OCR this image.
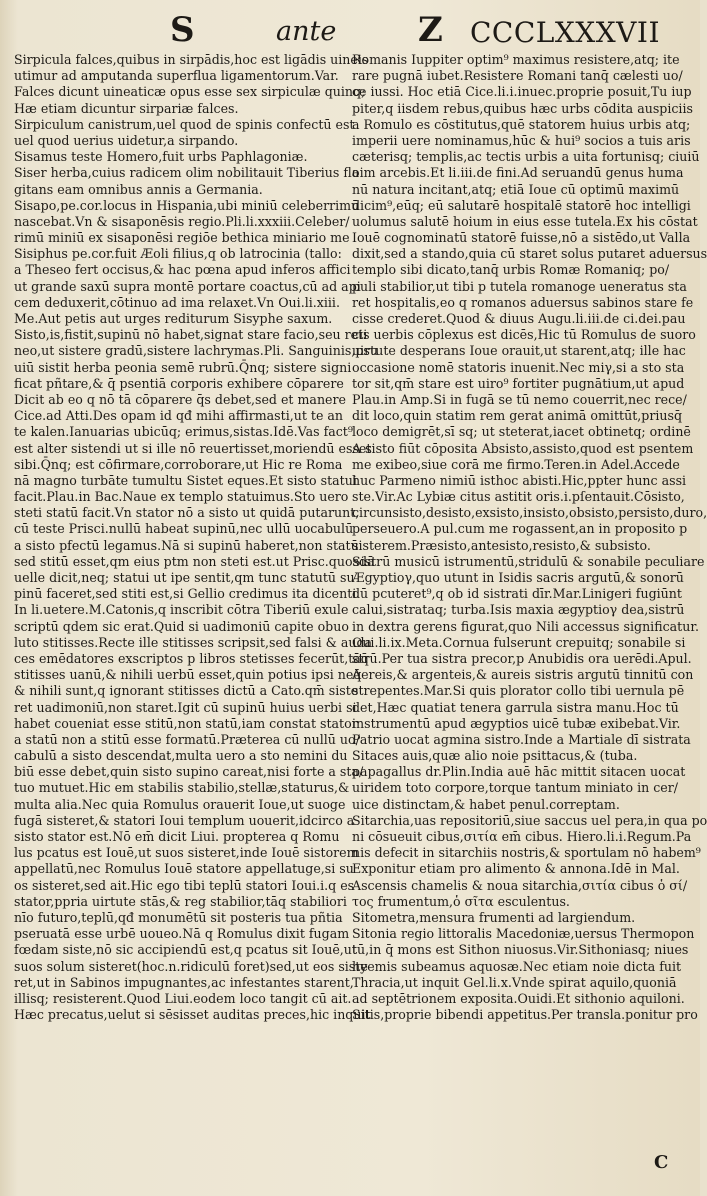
S	ante Z CCCLXXXVII
Sirpicula falces,quibus in sirpādis,hoc est ligādis uineis
utimur ad amputanda superflua ligamentorum.Var.
Falces dicunt uineaticæ opus esse sex sirpiculæ quinq;
Hæ etiam dicuntur sirpariæ falces.
Sirpiculum canistrum,uel quod de spinis confectū est
uel quod uerius uidetur,a sirpando.
Sisamus teste Homero,fuit urbs Paphlagoniæ.
Siser herba,cuius radicem olim nobilitauit Tiberius fla
gitans eam omnibus annis a Germania.
Sisapo,pe.cor.locus in Hispania,ubi miniū celeberrimū
nascebat.Vn & sisaponēsis regio.Pli.li.xxxiii.Celeber/
rimū miniū ex sisaponēsi regiōe bethica miniario me
Sisiphus pe.cor.fuit Æoli filius,q ob latrocinia (tallo:
a Theseo fert occisus,& hac pœna apud inferos affici
ut grande saxū supra montē portare coactus,cū ad api
cem deduxerit,cōtinuo ad ima relaxet.Vn Oui.li.xiii.
Me.Aut petis aut urges rediturum Sisyphe saxum.
Sisto,is,fistit,supinū nō habet,signat stare facio,seu reti
neo,ut sistere gradū,sistere lachrymas.Pli. Sanguinis,psu
uiū sistit herba peonia semē rubrū.Q̄nq; sistere signi
ficat pñtare,& q̄̄ psentiā corporis exhibere cōparere
Dicit ab eo q nō tā cōparere q̄s debet,sed et manere
Cice.ad Atti.Des opam id qđ mihi affirmasti,ut te an
te kalen.Ianuarias ubicūq; erimus,sistas.Idē.Vas fact⁹
est alter sistendi ut si ille nō reuertisset,moriendū esset
sibi.Q̄nq; est cōfirmare,corroborare,ut Hic re Roma
nā magno turbāte tumultu Sistet eques.Et sisto statui
facit.Plau.in Bac.Naue ex templo statuimus.Sto uero
steti statū facit.Vn stator nō a sisto ut quidā putarunt,
cū teste Prisci.nullū habeat supinū,nec ullū uocabulū
a sisto pfectū legamus.Nā si supinū haberet,non statū
sed stitū esset,qm eius ptm non steti est.ut Prisc.quosdā
uelle dicit,neq; statui ut ipe sentit,qm tunc statutū su
pinū faceret,sed stiti est,si Gellio credimus ita dicenti
In li.uetere.M.Catonis,q inscribit cōtra Tiberiū exule
scriptū qdem sic erat.Quid si uadimoniū capite obuo
luto stitisses.Recte ille stitisses scripsit,sed falsi & auda
ces emēdatores exscriptos p libros stetisses fecerūt,tāq̄
stitisses uanū,& nihili uerbū esset,quin potius ipsi neq̄
& nihili sunt,q ignorant stitisses dictū a Cato.qm̄ siste
ret uadimoniū,non staret.Igit cū supinū huius uerbi si
habet coueniat esse stitū,non statū,iam constat stator
a statū non a stitū esse formatū.Præterea cū nullū uo/
cabulū a sisto descendat,multa uero a sto nemini du
biū esse debet,quin sisto supino careat,nisi forte a sta/
tuo mutuet.Hic em stabilis stabilio,stellæ,staturus,&
multa alia.Nec quia Romulus orauerit Ioue,ut suoge
fugā sisteret,& statori Ioui templum uouerit,idcirco a
sisto stator est.Nō em̄ dicit Liui. propterea q Romu
lus pcatus est Iouē,ut suos sisteret,inde Iouē sistorem
appellatū,nec Romulus Iouē statore appellatuge,si su
os sisteret,sed ait.Hic ego tibi teplū statori Ioui.i.q es
stator,ppria uirtute stās,& reg stabilior,tāq stabiliori
nīo futuro,teplū,qđ monumētū sit posteris tua pñtia
pseruatā esse urbē uoueo.Nā q Romulus dixit fugam
fœdam siste,nō sic accipiendū est,q pcatus sit Iouē,ut
suos solum sisteret(hoc.n.ridiculū foret)sed,ut eos siste
ret,ut in Sabinos impugnantes,ac infestantes starent,
illisq; resisterent.Quod Liui.eodem loco tangit cū ait.
Hæc precatus,uelut si sēsisset auditas preces,hic inquit
Romanis Iuppiter optim⁹ maximus resistere,atq; ite
rare pugnā iubet.Resistere Romani tanq̄ cælesti uo/
ce iussi. Hoc etiā Cice.li.i.inuec.proprie posuit,Tu iup
piter,q iisdem rebus,quibus hæc urbs cōdita auspiciis
a Romulo es cōstitutus,quē statorem huius urbis atq;
imperii uere nominamus,hūc & hui⁹ socios a tuis aris
cæterisq; templis,ac tectis urbis a uita fortunisq; ciuiū
oim arcebis.Et li.iii.de fini.Ad seruandū genus huma
nū natura incitant,atq; etiā Ioue cū optimū maximū
dicim⁹,eūq; eū salutarē hospitalē statorē hoc intelligi
uolumus salutē hoium in eius esse tutela.Ex his cōstat
Iouē cognominatū statorē fuisse,nō a sistēdo,ut Valla
dixit,sed a stando,quia cū staret solus putaret aduersus
templo sibi dicato,tanq̄ urbis Romæ Romaniq; po/
puli stabilior,ut tibi p tutela romanoge ueneratus sta
ret hospitalis,eo q romanos aduersus sabinos stare fe
cisse crederet.Quod & diuus Augu.li.iii.de ci.dei.pau
cis uerbis cōplexus est dicēs,Hic tū Romulus de suoro
uirtute desperans Ioue orauit,ut starent,atq; ille hac
occasione nomē statoris inuenit.Nec miγ,si a sto sta
tor sit,qm̄ stare est uiro⁹ fortiter pugnātium,ut apud
Plau.in Amp.Si in fugā se tū nemo couerrit,nec rece/
dit loco,quin statim rem gerat animā omittūt,priusq̄
loco demigrēt,sī sq; ut steterat,iacet obtinetq; ordinē
A sisto fiūt cōposita Absisto,assisto,quod est psentem
me exibeo,siue corā me firmo.Teren.in Adel.Accede
huc Parmeno nimiū isthoc abisti.Hic,ppter hunc assi
ste.Vir.Ac Lybiæ citus astitit oris.i.pſentauit.Cōsisto,
circunsisto,desisto,exsisto,insisto,obsisto,persisto,duro,
perseuero.A pul.cum me rogassent,an in proposito p
sisterem.Præsisto,antesisto,resisto,& subsisto.
Sistrū musicū istrumentū,stridulū & sonabile peculiare
Ægyptioγ,quo utunt in Isidis sacris argutū,& sonorū
dū pcuteret⁹,q ob id sistrati dīr.Mar.Linigeri fugiūnt
calui,sistrataq; turba.Isis maxia ægyptioγ dea,sistrū
in dextra gerens figurat,quo Nili accessus significatur.
Oui.li.ix.Meta.Cornua fulserunt crepuitq; sonabile si
strū.Per tua sistra precor,p Anubidis ora uerēdi.Apul.
Aereis,& argenteis,& aureis sistris argutū tinnitū con
strepentes.Mar.Si quis plorator collo tibi uernula pē
det,Hæc quatiat tenera garrula sistra manu.Hoc tū
instrumentū apud ægyptios uicē tubæ exibebat.Vir.
Patrio uocat agmina sistro.Inde a Martiale dī sistrata
Sitaces auis,quæ alio noie psittacus,& (tuba.
papagallus dr.Plin.India auē hāc mittit sitacen uocat
uiridem toto corpore,torque tantum miniato in cer/
uice distinctam,& habet penul.correptam.
Sitarchia,uas repositoriū,siue saccus uel pera,in qua po
ni cōsueuit cibus,σιτία em̄ cibus. Hiero.li.i.Regum.Pa
nis defecit in sitarchiis nostris,& sportulam nō habem⁹
Exponitur etiam pro alimento & annona.Idē in Mal.
Ascensis chamelis & noua sitarchia,σιτία cibus ὁ σί/
τος frumentum,ὁ σῖτα esculentus.
Sitometra,mensura frumenti ad largiendum.
Sitonia regio littoralis Macedoniæ,uersus Thermopon
tū,in q̄ mons est Sithon niuosus.Vir.Sithoniasq; niues
hyemis subeamus aquosæ.Nec etiam noie dicta fuit
Thracia,ut inquit Gel.li.x.Vnde spirat aquilo,quoniā
ad septētrionem exposita.Ouidi.Et sithonio aquiloni.
Sitis,proprie bibendi appetitus.Per transla.ponitur pro
C
